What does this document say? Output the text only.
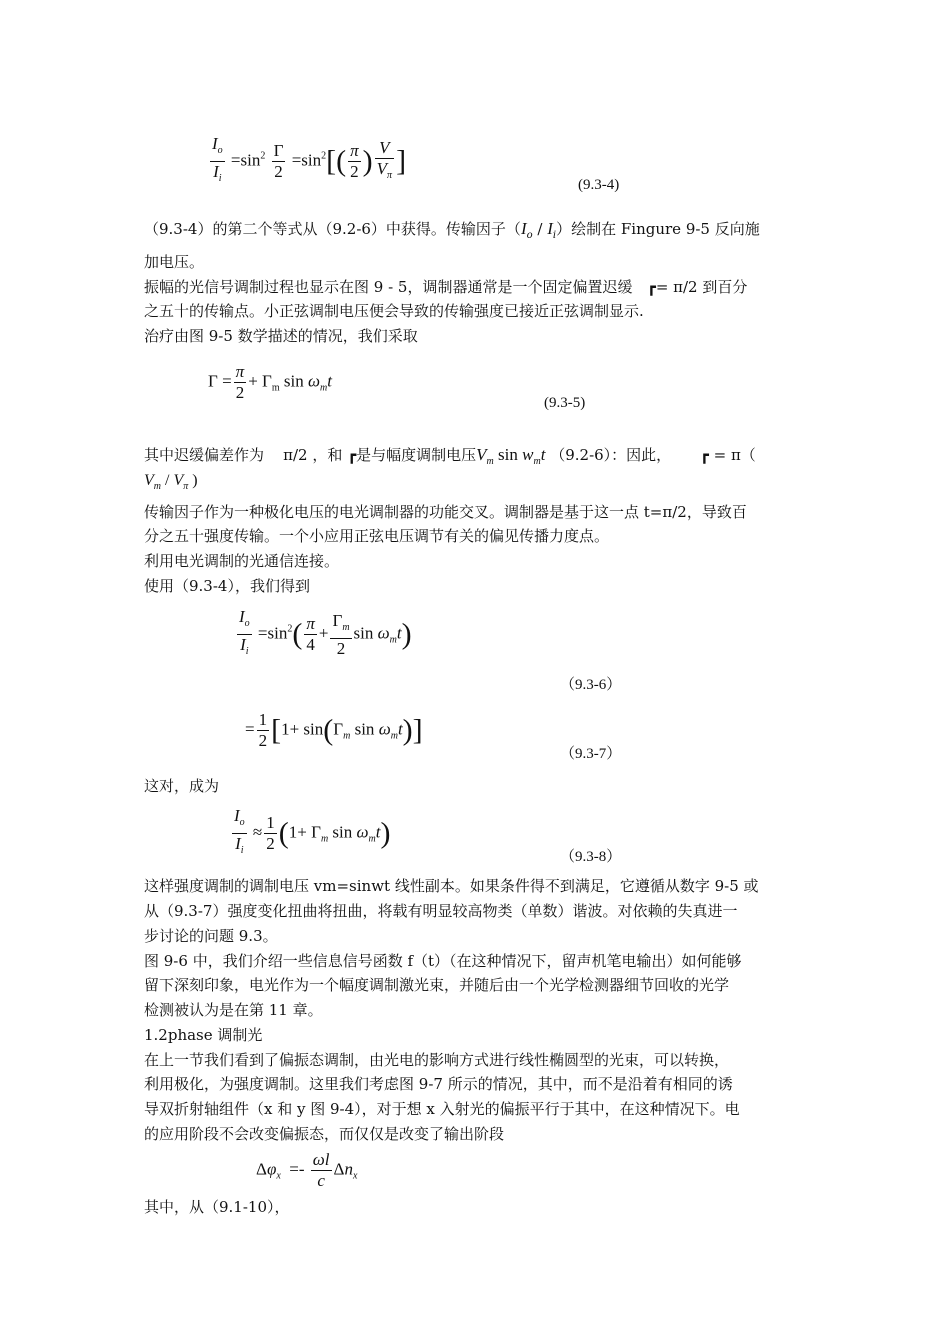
$\frac{I_o}{I_i} =\sin^2 \frac{\Gamma}{2} =\sin^2[( \frac{\pi}{2}$ ) $\frac{V}{V_\pi}$ ]
(9.3-4)
（9.3-4）的第二个等式从（9.2-6）中获得。传输因子$(I_o / I_i)$绘制在 Fingure 9-5 反向施
加电压。
振幅的光信号调制过程也显示在图 9 - 5，调制器通常是一个固定偏置迟缓 ┏= π/2 到百分
之五十的传输点。小正弦调制电压便会导致的传输强度已接近正弦调制显示.
治疗由图 9-5 数学描述的情况，我们采取
$\Gamma = \frac{\pi}{2} + \Gamma_m$ $\sin \omega_mt$
(9.3-5)
其中迟缓偏差作为 π/2 ，和 ┏是与幅度调制电压$V_m$ $\sin w_mt$ （9.2-6）：因此， ┏ = π（
$V_m / V_\pi$ )
传输因子作为一种极化电压的电光调制器的功能交叉。调制器是基于这一点 t=π/2，导致百
分之五十强度传输。一个小应用正弦电压调节有关的偏见传播力度点。
利用电光调制的光通信连接。
使用（9.3-4），我们得到
$\frac{I_o}{I_i} =\sin^2( \frac{\pi}{4} + \frac{\Gamma_m}{2}$ $\sin \omega_mt$)
（9.3-6）
= $\frac{1}{2} [1+ \sin(\Gamma_m$ $\sin \omega_mt$)]
（9.3-7）
这对，成为
$\frac{I_o}{I_i} \approx \frac{1}{2} (1+ \Gamma_m$ $\sin \omega_mt$)
（9.3-8）
这样强度调制的调制电压 vm=sinwt 线性副本。如果条件得不到满足，它遵循从数字 9-5 或
从（9.3-7）强度变化扭曲将扭曲，将载有明显较高物类（单数）谐波。对依赖的失真进一
步讨论的问题 9.3。
图 9-6 中，我们介绍一些信息信号函数 f（t）（在这种情况下，留声机笔电输出）如何能够
留下深刻印象，电光作为一个幅度调制激光束，并随后由一个光学检测器细节回收的光学
检测被认为是在第 11 章。
1.2phase 调制光
在上一节我们看到了偏振态调制，由光电的影响方式进行线性椭圆型的光束，可以转换，
利用极化，为强度调制。这里我们考虑图 9-7 所示的情况，其中，而不是沿着有相同的诱
导双折射轴组件（x 和 y 图 9-4），对于想 x 入射光的偏振平行于其中，在这种情况下。电
的应用阶段不会改变偏振态，而仅仅是改变了输出阶段
$\Delta\varphi_x =- \frac{\omega l}{c} \Delta n_x$
其中，从（9.1-10），
